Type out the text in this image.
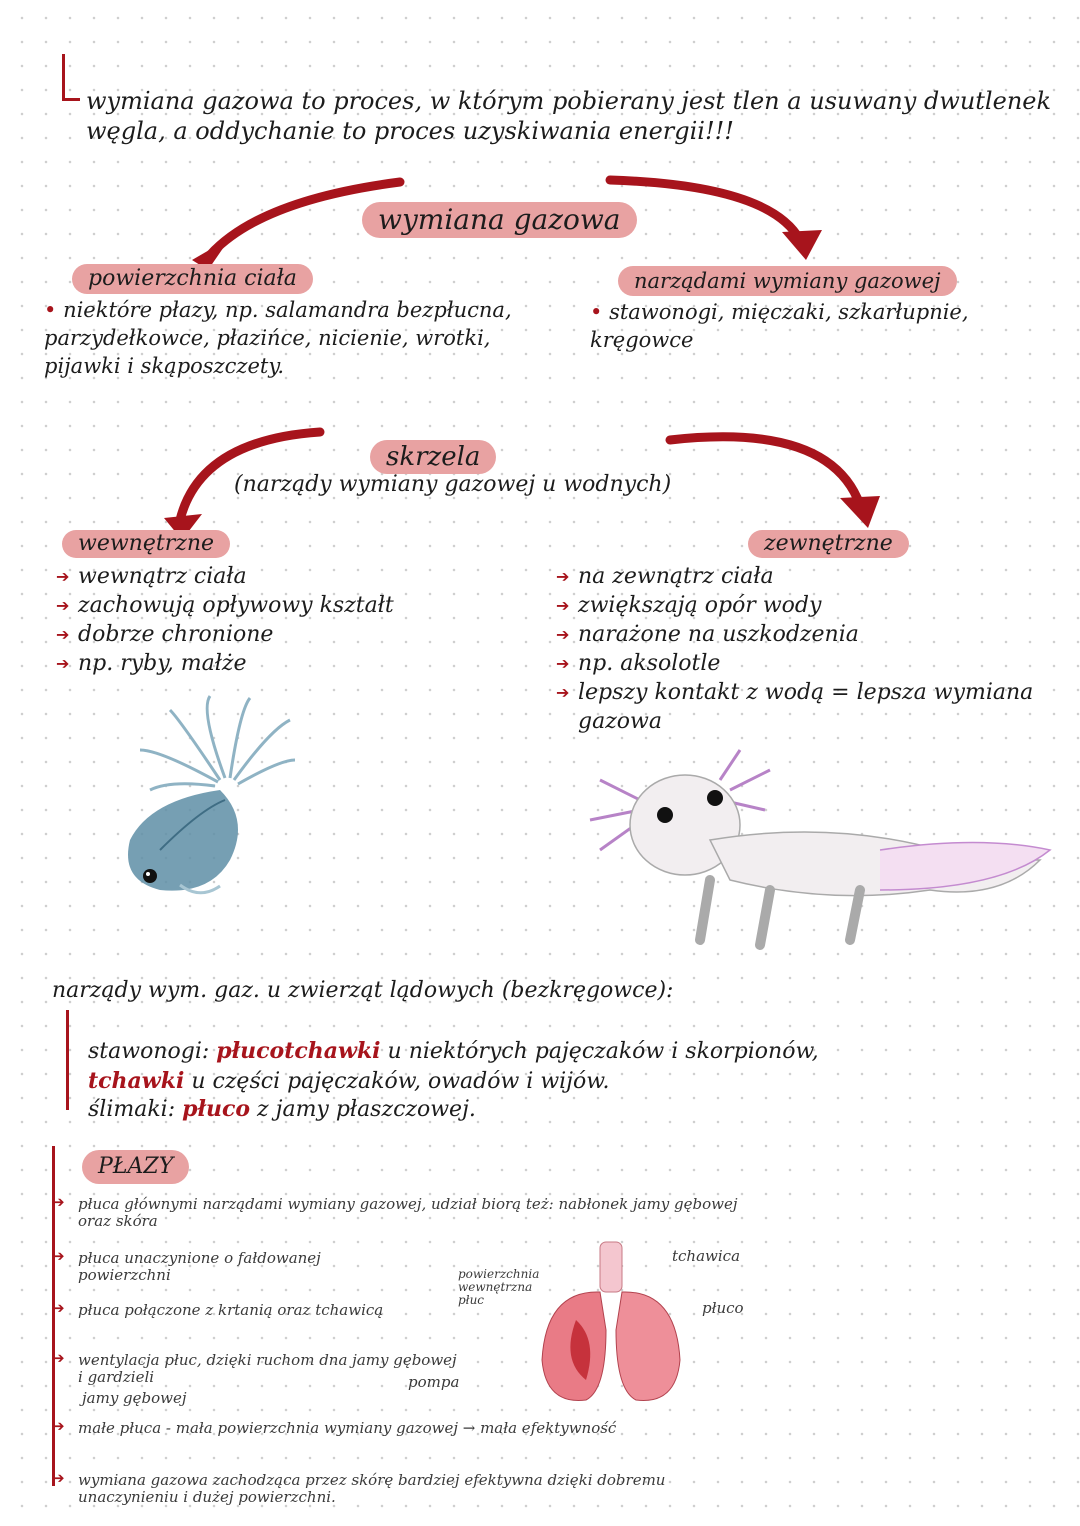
wymiana gazowa to proces, w którym pobierany jest tlen a usuwany dwutlenek węgla, a oddychanie to proces uzyskiwania energii!!!
wymiana gazowa
powierzchnia ciała
• niektóre płazy, np. salamandra bezpłucna, parzydełkowce, płazińce, nicienie, wrotki, pijawki i skąposzczety.
narządami wymiany gazowej
• stawonogi, mięczaki, szkarłupnie, kręgowce
skrzela
(narządy wymiany gazowej u wodnych)
wewnętrzne
➔ wewnątrz ciała
➔ zachowują opływowy kształt
➔ dobrze chronione
➔ np. ryby, małże
zewnętrzne
➔ na zewnątrz ciała
➔ zwiększają opór wody
➔ narażone na uszkodzenia
➔ np. aksolotle
➔ lepszy kontakt z wodą = lepsza wymiana gazowa
narządy wym. gaz. u zwierząt lądowych (bezkręgowce):
stawonogi: płucotchawki u niektórych pajęczaków i skorpionów,
tchawki u części pajęczaków, owadów i wijów.
ślimaki: płuco z jamy płaszczowej.
PŁAZY
➔ płuca głównymi narządami wymiany gazowej, udział biorą też: nabłonek jamy gębowej oraz skóra
➔ płuca unaczynione o fałdowanej powierzchni
➔ płuca połączone z krtanią oraz tchawicą
➔ wentylacja płuc, dzięki ruchom dna jamy gębowej i gardzieli	pompa
jamy gębowej
➔ małe płuca - mała powierzchnia wymiany gazowej → mała efektywność
➔ wymiana gazowa zachodząca przez skórę bardziej efektywna dzięki dobremu unaczynieniu i dużej powierzchni.
tchawica
płuco
powierzchnia wewnętrzna płuc
